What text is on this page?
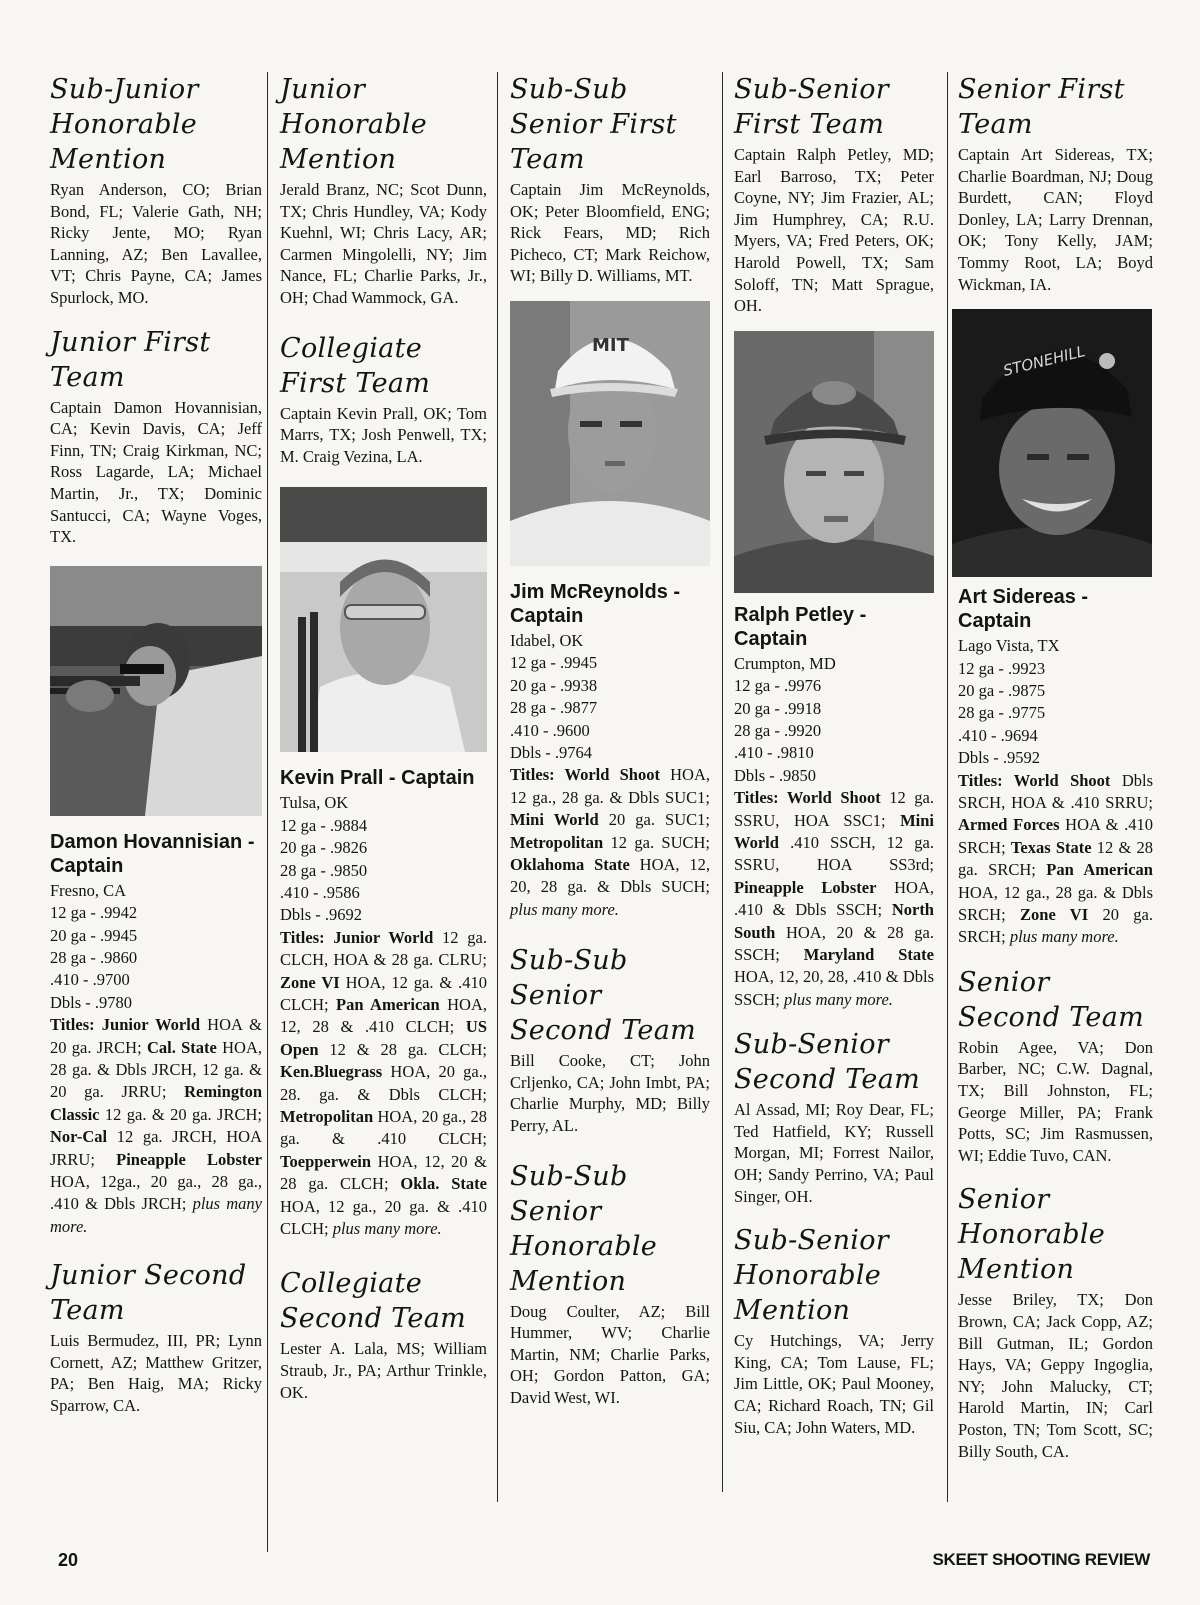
Sub-Junior Honorable Mention

Ryan Anderson, CO; Brian Bond, FL; Valerie Gath, NH; Ricky Jente, MO; Ryan Lanning, AZ; Ben Lavallee, VT; Chris Payne, CA; James Spurlock, MO.

Junior First Team

Captain Damon Hovannisian, CA; Kevin Davis, CA; Jeff Finn, TN; Craig Kirkman, NC; Ross Lagarde, LA; Michael Martin, Jr., TX; Dominic Santucci, CA; Wayne Voges, TX.

Damon Hovannisian - Captain
Fresno, CA
12 ga - .9942
20 ga - .9945
28 ga - .9860
.410 - .9700
Dbls - .9780

Titles: Junior World HOA & 20 ga. JRCH; Cal. State HOA, 28 ga. & Dbls JRCH, 12 ga. & 20 ga. JRRU; Remington Classic 12 ga. & 20 ga. JRCH; Nor-Cal 12 ga. JRCH, HOA JRRU; Pineapple Lobster HOA, 12ga., 20 ga., 28 ga., .410 & Dbls JRCH; plus many more.

Junior Second Team

Luis Bermudez, III, PR; Lynn Cornett, AZ; Matthew Gritzer, PA; Ben Haig, MA; Ricky Sparrow, CA.

Junior Honorable Mention

Jerald Branz, NC; Scot Dunn, TX; Chris Hundley, VA; Kody Kuehnl, WI; Chris Lacy, AR; Carmen Mingolelli, NY; Jim Nance, FL; Charlie Parks, Jr., OH; Chad Wammock, GA.

Collegiate First Team

Captain Kevin Prall, OK; Tom Marrs, TX; Josh Penwell, TX; M. Craig Vezina, LA.

Kevin Prall - Captain
Tulsa, OK
12 ga - .9884
20 ga - .9826
28 ga - .9850
.410 - .9586
Dbls - .9692

Titles: Junior World 12 ga. CLCH, HOA & 28 ga. CLRU; Zone VI HOA, 12 ga. & .410 CLCH; Pan American HOA, 12, 28 & .410 CLCH; US Open 12 & 28 ga. CLCH; Ken.Bluegrass HOA, 20 ga., 28. ga. & Dbls CLCH; Metropolitan HOA, 20 ga., 28 ga. & .410 CLCH; Toepperwein HOA, 12, 20 & 28 ga. CLCH; Okla. State HOA, 12 ga., 20 ga. & .410 CLCH; plus many more.

Collegiate Second Team

Lester A. Lala, MS; William Straub, Jr., PA; Arthur Trinkle, OK.

Sub-Sub Senior First Team

Captain Jim McReynolds, OK; Peter Bloomfield, ENG; Rick Fears, MD; Rich Picheco, CT; Mark Reichow, WI; Billy D. Williams, MT.

MIT
Jim McReynolds - Captain
Idabel, OK
12 ga - .9945
20 ga - .9938
28 ga - .9877
.410 - .9600
Dbls - .9764

Titles: World Shoot HOA, 12 ga., 28 ga. & Dbls SUC1; Mini World 20 ga. SUC1; Metropolitan 12 ga. SUCH; Oklahoma State HOA, 12, 20, 28 ga. & Dbls SUCH; plus many more.

Sub-Sub Senior Second Team

Bill Cooke, CT; John Crljenko, CA; John Imbt, PA; Charlie Murphy, MD; Billy Perry, AL.

Sub-Sub Senior Honorable Mention

Doug Coulter, AZ; Bill Hummer, WV; Charlie Martin, NM; Charlie Parks, OH; Gordon Patton, GA; David West, WI.

Sub-Senior First Team

Captain Ralph Petley, MD; Earl Barroso, TX; Peter Coyne, NY; Jim Frazier, AL; Jim Humphrey, CA; R.U. Myers, VA; Fred Peters, OK; Harold Powell, TX; Sam Soloff, TN; Matt Sprague, OH.

Ralph Petley - Captain
Crumpton, MD
12 ga - .9976
20 ga - .9918
28 ga - .9920
.410 - .9810
Dbls - .9850

Titles: World Shoot 12 ga. SSRU, HOA SSC1; Mini World .410 SSCH, 12 ga. SSRU, HOA SS3rd; Pineapple Lobster HOA, .410 & Dbls SSCH; North South HOA, 20 & 28 ga. SSCH; Maryland State HOA, 12, 20, 28, .410 & Dbls SSCH; plus many more.

Sub-Senior Second Team

Al Assad, MI; Roy Dear, FL; Ted Hatfield, KY; Russell Morgan, MI; Forrest Nailor, OH; Sandy Perrino, VA; Paul Singer, OH.

Sub-Senior Honorable Mention

Cy Hutchings, VA; Jerry King, CA; Tom Lause, FL; Jim Little, OK; Paul Mooney, CA; Richard Roach, TN; Gil Siu, CA; John Waters, MD.

Senior First Team

Captain Art Sidereas, TX; Charlie Boardman, NJ; Doug Burdett, CAN; Floyd Donley, LA; Larry Drennan, OK; Tony Kelly, JAM; Tommy Root, LA; Boyd Wickman, IA.

STONEHILL
Art Sidereas - Captain
Lago Vista, TX
12 ga - .9923
20 ga - .9875
28 ga - .9775
.410 - .9694
Dbls - .9592

Titles: World Shoot Dbls SRCH, HOA & .410 SRRU; Armed Forces HOA & .410 SRCH; Texas State 12 & 28 ga. SRCH; Pan American HOA, 12 ga., 28 ga. & Dbls SRCH; Zone VI 20 ga. SRCH; plus many more.

Senior Second Team

Robin Agee, VA; Don Barber, NC; C.W. Dagnal, TX; Bill Johnston, FL; George Miller, PA; Frank Potts, SC; Jim Rasmussen, WI; Eddie Tuvo, CAN.

Senior Honorable Mention

Jesse Briley, TX; Don Brown, CA; Jack Copp, AZ; Bill Gutman, IL; Gordon Hays, VA; Geppy Ingoglia, NY; John Malucky, CT; Harold Martin, IN; Carl Poston, TN; Tom Scott, SC; Billy South, CA.

20	SKEET SHOOTING REVIEW
